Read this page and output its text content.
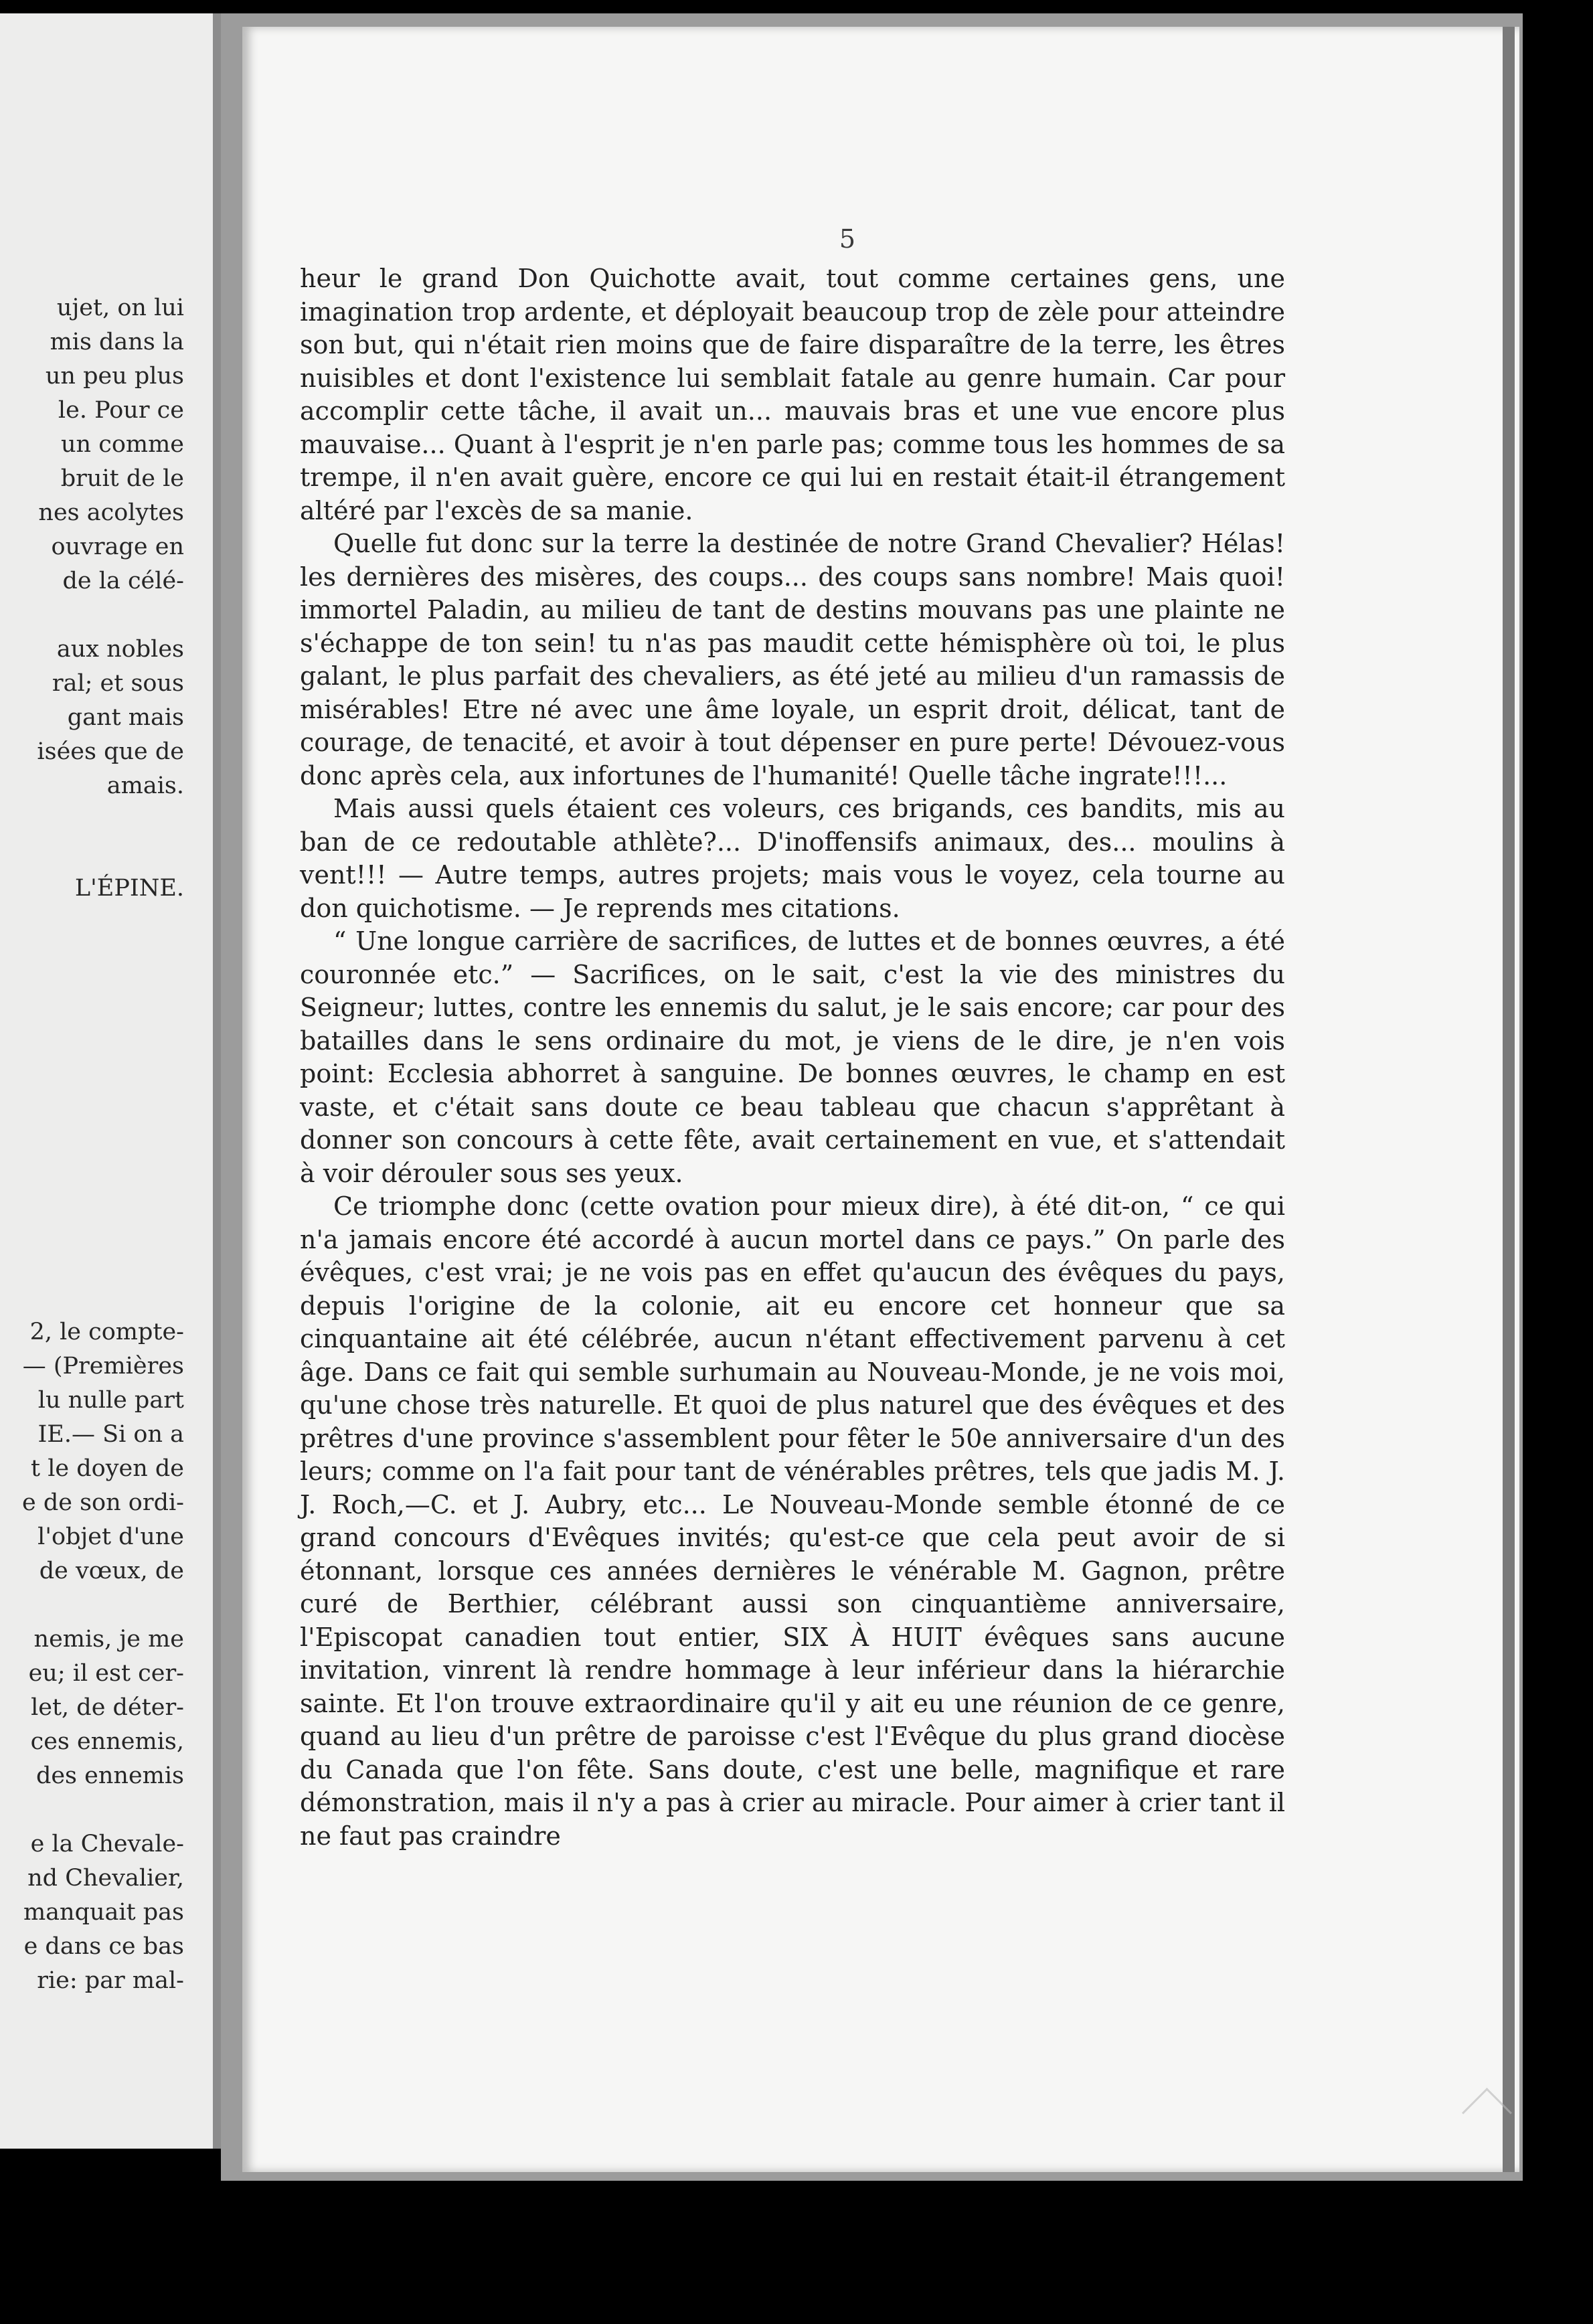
ujet, on lui
mis dans la
un peu plus
le. Pour ce
un comme
bruit de le
nes acolytes
ouvrage en
de la célé-

aux nobles
ral; et sous
gant mais
isées que de
amais.

L'ÉPINE.

2, le compte-
— (Premières
lu nulle part
IE.— Si on a
t le doyen de
e de son ordi-
l'objet d'une
de vœux, de

nemis, je me
eu; il est cer-
let, de déter-
ces ennemis,
des ennemis

e la Chevale-
nd Chevalier,
manquait pas
e dans ce bas
rie: par mal-
5

heur le grand Don Quichotte avait, tout comme certaines gens, une imagination trop ardente, et déployait beaucoup trop de zèle pour atteindre son but, qui n'était rien moins que de faire disparaître de la terre, les êtres nuisibles et dont l'existence lui semblait fatale au genre humain. Car pour accomplir cette tâche, il avait un... mauvais bras et une vue encore plus mauvaise... Quant à l'esprit je n'en parle pas; comme tous les hommes de sa trempe, il n'en avait guère, encore ce qui lui en restait était-il étrangement altéré par l'excès de sa manie.

Quelle fut donc sur la terre la destinée de notre Grand Chevalier? Hélas! les dernières des misères, des coups... des coups sans nombre! Mais quoi! immortel Paladin, au milieu de tant de destins mouvans pas une plainte ne s'échappe de ton sein! tu n'as pas maudit cette hémisphère où toi, le plus galant, le plus parfait des chevaliers, as été jeté au milieu d'un ramassis de misérables! Etre né avec une âme loyale, un esprit droit, délicat, tant de courage, de tenacité, et avoir à tout dépenser en pure perte! Dévouez-vous donc après cela, aux infortunes de l'humanité! Quelle tâche ingrate!!!...

Mais aussi quels étaient ces voleurs, ces brigands, ces bandits, mis au ban de ce redoutable athlète?... D'inoffensifs animaux, des... moulins à vent!!! — Autre temps, autres projets; mais vous le voyez, cela tourne au don quichotisme. — Je reprends mes citations.

“ Une longue carrière de sacrifices, de luttes et de bonnes œuvres, a été couronnée etc.” — Sacrifices, on le sait, c'est la vie des ministres du Seigneur; luttes, contre les ennemis du salut, je le sais encore; car pour des batailles dans le sens ordinaire du mot, je viens de le dire, je n'en vois point: Ecclesia abhorret à sanguine. De bonnes œuvres, le champ en est vaste, et c'était sans doute ce beau tableau que chacun s'apprêtant à donner son concours à cette fête, avait certainement en vue, et s'attendait à voir dérouler sous ses yeux.

Ce triomphe donc (cette ovation pour mieux dire), à été dit-on, “ ce qui n'a jamais encore été accordé à aucun mortel dans ce pays.” On parle des évêques, c'est vrai; je ne vois pas en effet qu'aucun des évêques du pays, depuis l'origine de la colonie, ait eu encore cet honneur que sa cinquantaine ait été célébrée, aucun n'étant effectivement parvenu à cet âge. Dans ce fait qui semble surhumain au Nouveau-Monde, je ne vois moi, qu'une chose très naturelle. Et quoi de plus naturel que des évêques et des prêtres d'une province s'assemblent pour fêter le 50e anniversaire d'un des leurs; comme on l'a fait pour tant de vénérables prêtres, tels que jadis M. J. J. Roch,—C. et J. Aubry, etc... Le Nouveau-Monde semble étonné de ce grand concours d'Evêques invités; qu'est-ce que cela peut avoir de si étonnant, lorsque ces années dernières le vénérable M. Gagnon, prêtre curé de Berthier, célébrant aussi son cinquantième anniversaire, l'Episcopat canadien tout entier, SIX À HUIT évêques sans aucune invitation, vinrent là rendre hommage à leur inférieur dans la hiérarchie sainte. Et l'on trouve extraordinaire qu'il y ait eu une réunion de ce genre, quand au lieu d'un prêtre de paroisse c'est l'Evêque du plus grand diocèse du Canada que l'on fête. Sans doute, c'est une belle, magnifique et rare démonstration, mais il n'y a pas à crier au miracle. Pour aimer à crier tant il ne faut pas craindre
